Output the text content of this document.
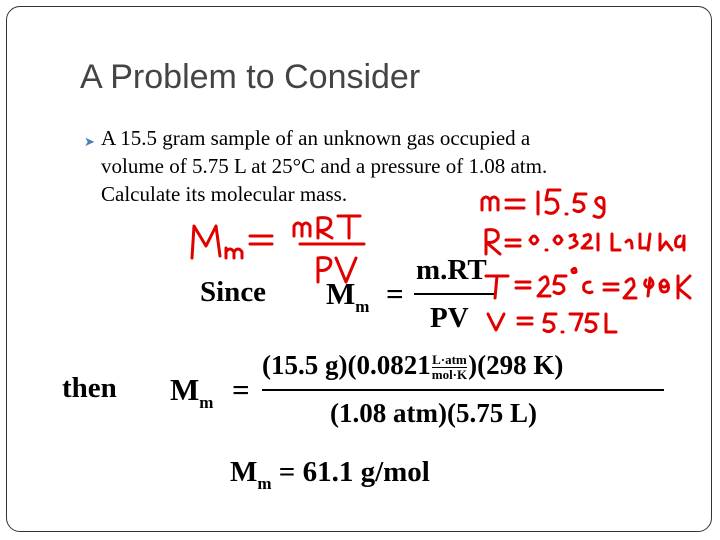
A Problem to Consider
➤ A 15.5 gram sample of an unknown gas occupied a
volume of 5.75 L at 25°C and a pressure of 1.08 atm.
Calculate its molecular mass.
Since $M_m$ =
m.RT
PV
then $M_m$ =
(15.5 g)(0.0821 L·atm
mol·K )(298 K)
(1.08 atm)(5.75 L)
$M_m = 61.1$ g/mol
